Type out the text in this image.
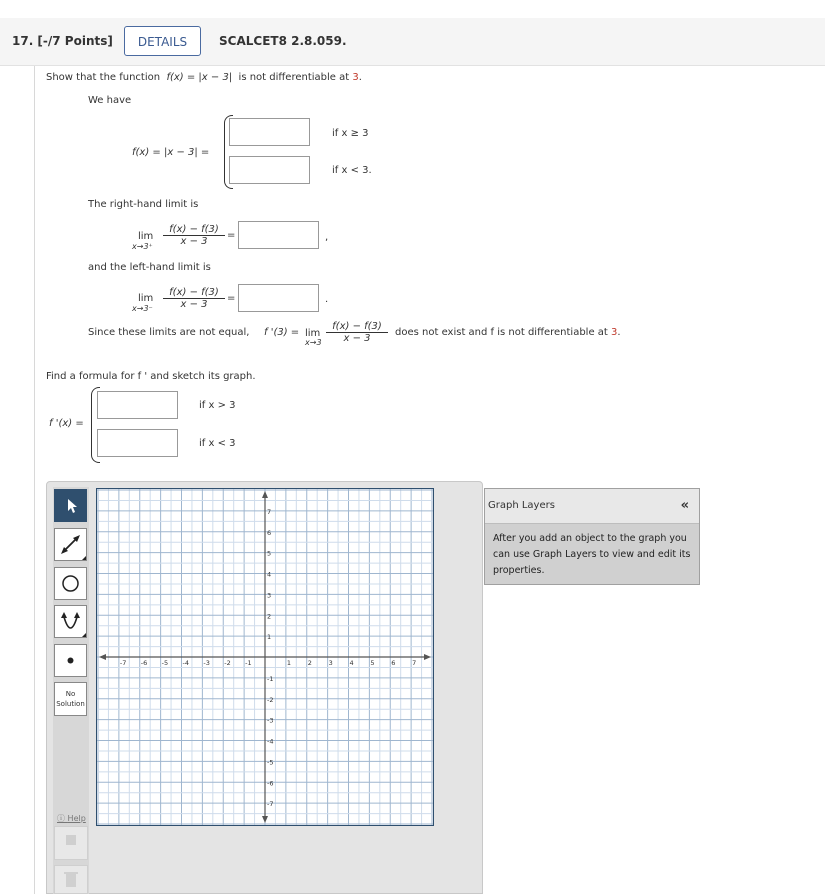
17. [-/7 Points]	DETAILS	SCALCET8 2.8.059.
Show that the function f(x) = |x − 3| is not differentiable at 3.
We have
f(x) = |x − 3| =
if x ≥ 3
if x < 3.
The right-hand limit is
lim
$x\to 3^+ \frac{f(x) - f(3)}{x - 3}$ =	,
and the left-hand limit is
lim
$x\to 3^- \frac{f(x) - f(3)}{x - 3}$ =	.
Since these limits are not equal, f '(3) = lim
$x\to 3 \frac{f(x) - f(3)}{x - 3}$ does not exist and f is not differentiable at 3.
Find a formula for f ' and sketch its graph.
f '(x) =
if x > 3
if x < 3
No
Solution
ⓘ Help
-7 -6 -5 -4 -3 -2 -1	1	2	3	4	5	6	7
7
6
5
4
3
2
1
-1
-2
-3
-4
-5
-6
-7
Graph Layers	«
After you add an object to the graph you can use Graph Layers to view and edit its properties.
